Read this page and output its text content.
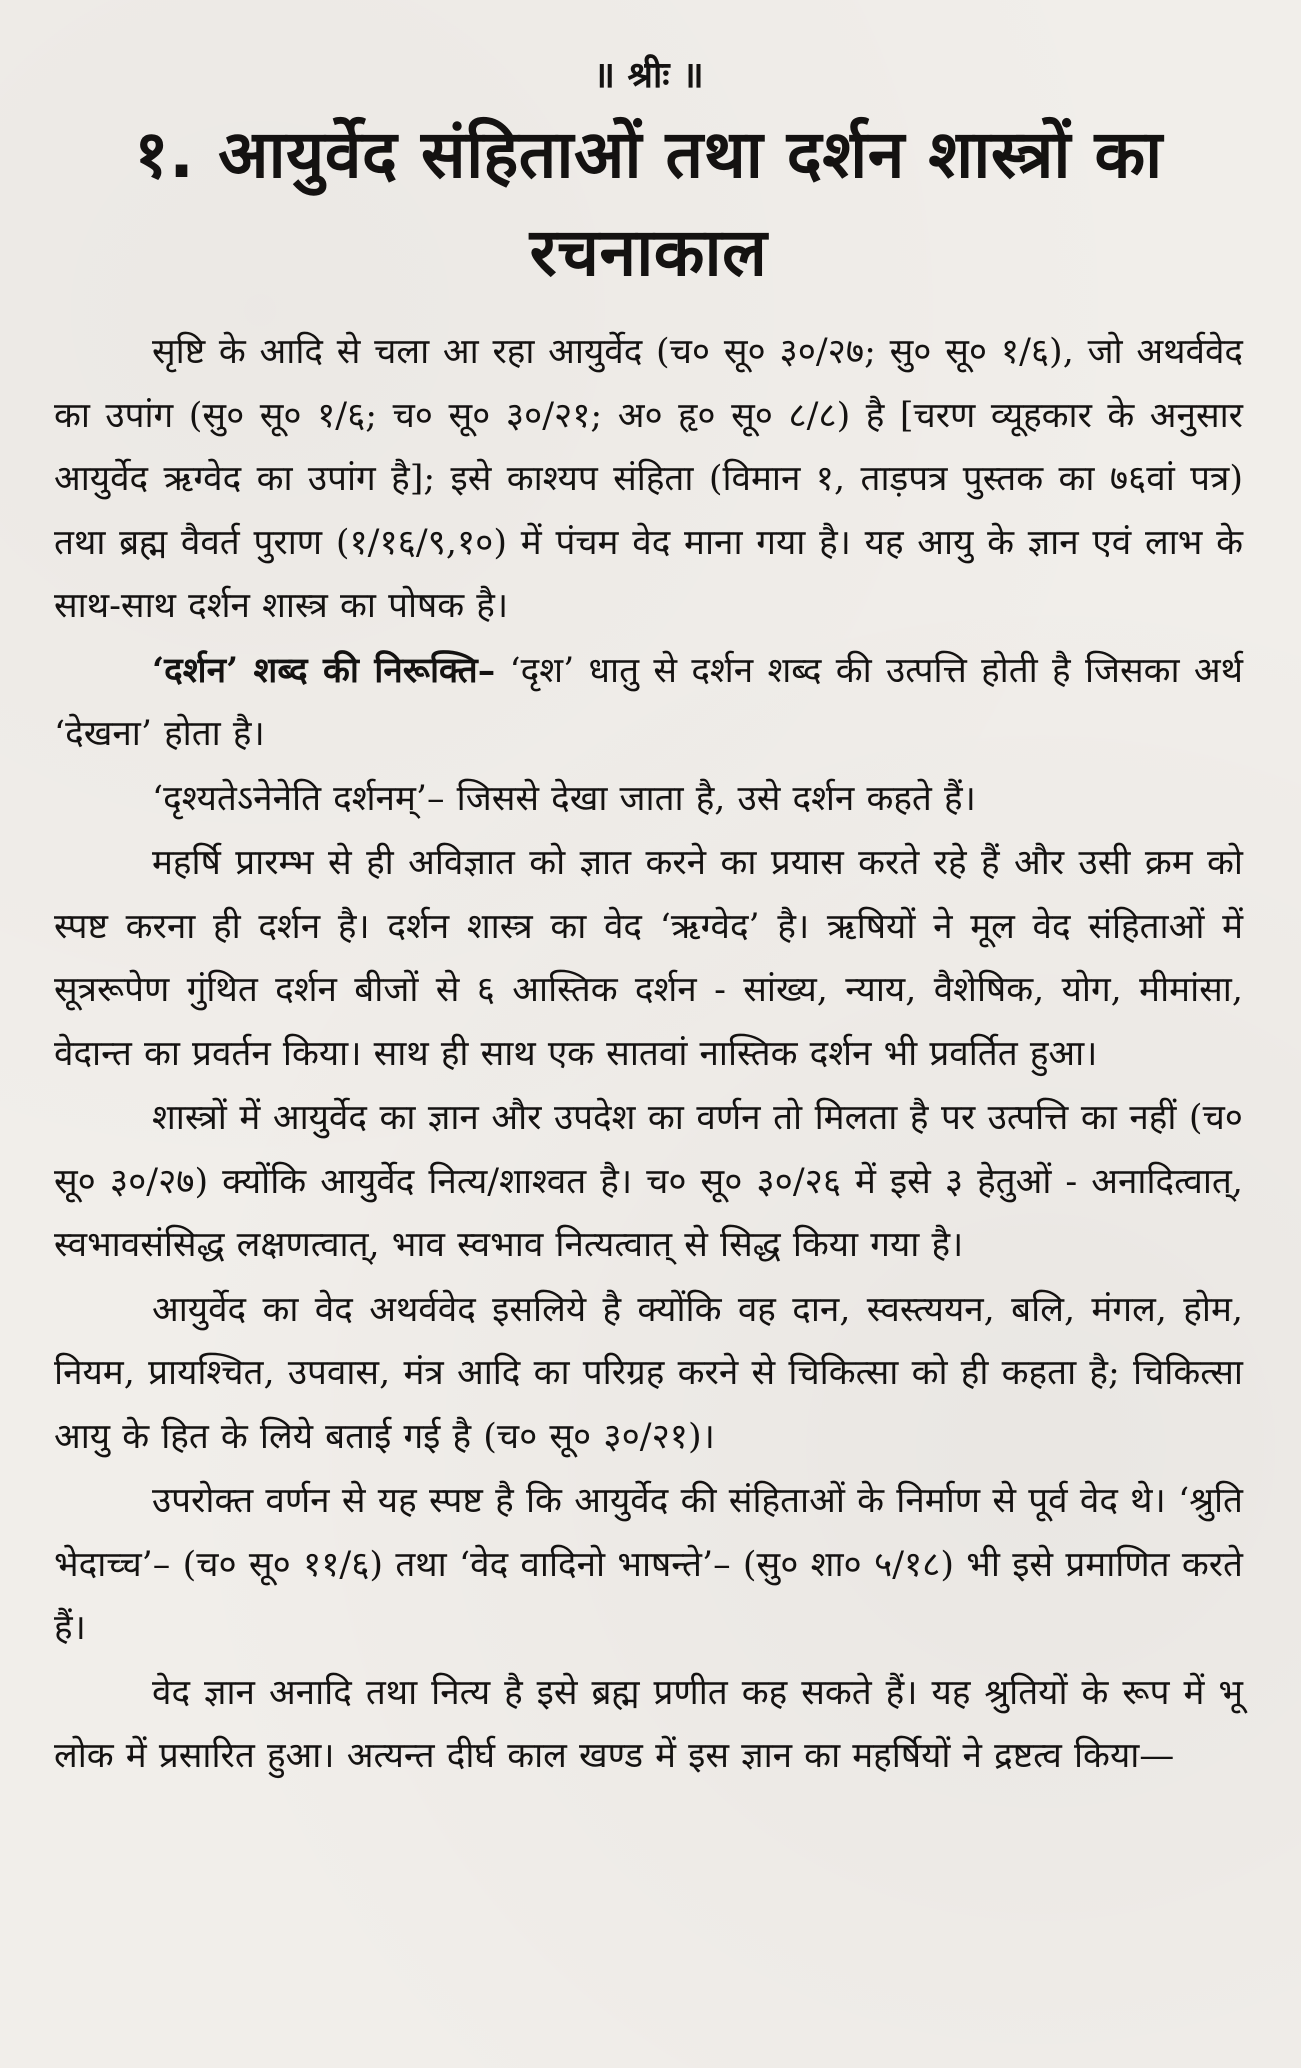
॥ श्रीः ॥
१. आयुर्वेद संहिताओं तथा दर्शन शास्त्रों का
रचनाकाल

सृष्टि के आदि से चला आ रहा आयुर्वेद (च० सू० ३०/२७; सु० सू० १/६), जो अथर्ववेद का उपांग (सु० सू० १/६; च० सू० ३०/२१; अ० हृ० सू० ८/८) है [चरण व्यूहकार के अनुसार आयुर्वेद ऋग्वेद का उपांग है]; इसे काश्यप संहिता (विमान १, ताड़पत्र पुस्तक का ७६वां पत्र) तथा ब्रह्म वैवर्त पुराण (१/१६/९,१०) में पंचम वेद माना गया है। यह आयु के ज्ञान एवं लाभ के साथ-साथ दर्शन शास्त्र का पोषक है।

‘दर्शन’ शब्द की निरूक्ति– ‘दृश’ धातु से दर्शन शब्द की उत्पत्ति होती है जिसका अर्थ ‘देखना’ होता है।

‘दृश्यतेऽनेनेति दर्शनम्’– जिससे देखा जाता है, उसे दर्शन कहते हैं।

महर्षि प्रारम्भ से ही अविज्ञात को ज्ञात करने का प्रयास करते रहे हैं और उसी क्रम को स्पष्ट करना ही दर्शन है। दर्शन शास्त्र का वेद ‘ऋग्वेद’ है। ऋषियों ने मूल वेद संहिताओं में सूत्ररूपेण गुंथित दर्शन बीजों से ६ आस्तिक दर्शन - सांख्य, न्याय, वैशेषिक, योग, मीमांसा, वेदान्त का प्रवर्तन किया। साथ ही साथ एक सातवां नास्तिक दर्शन भी प्रवर्तित हुआ।

शास्त्रों में आयुर्वेद का ज्ञान और उपदेश का वर्णन तो मिलता है पर उत्पत्ति का नहीं (च० सू० ३०/२७) क्योंकि आयुर्वेद नित्य/शाश्वत है। च० सू० ३०/२६ में इसे ३ हेतुओं - अनादित्वात्, स्वभावसंसिद्ध लक्षणत्वात्, भाव स्वभाव नित्यत्वात् से सिद्ध किया गया है।

आयुर्वेद का वेद अथर्ववेद इसलिये है क्योंकि वह दान, स्वस्त्ययन, बलि, मंगल, होम, नियम, प्रायश्चित, उपवास, मंत्र आदि का परिग्रह करने से चिकित्सा को ही कहता है; चिकित्सा आयु के हित के लिये बताई गई है (च० सू० ३०/२१)।

उपरोक्त वर्णन से यह स्पष्ट है कि आयुर्वेद की संहिताओं के निर्माण से पूर्व वेद थे। ‘श्रुति भेदाच्च’– (च० सू० ११/६) तथा ‘वेद वादिनो भाषन्ते’– (सु० शा० ५/१८) भी इसे प्रमाणित करते हैं।

वेद ज्ञान अनादि तथा नित्य है इसे ब्रह्म प्रणीत कह सकते हैं। यह श्रुतियों के रूप में भू लोक में प्रसारित हुआ। अत्यन्त दीर्घ काल खण्ड में इस ज्ञान का महर्षियों ने द्रष्टत्व किया—
